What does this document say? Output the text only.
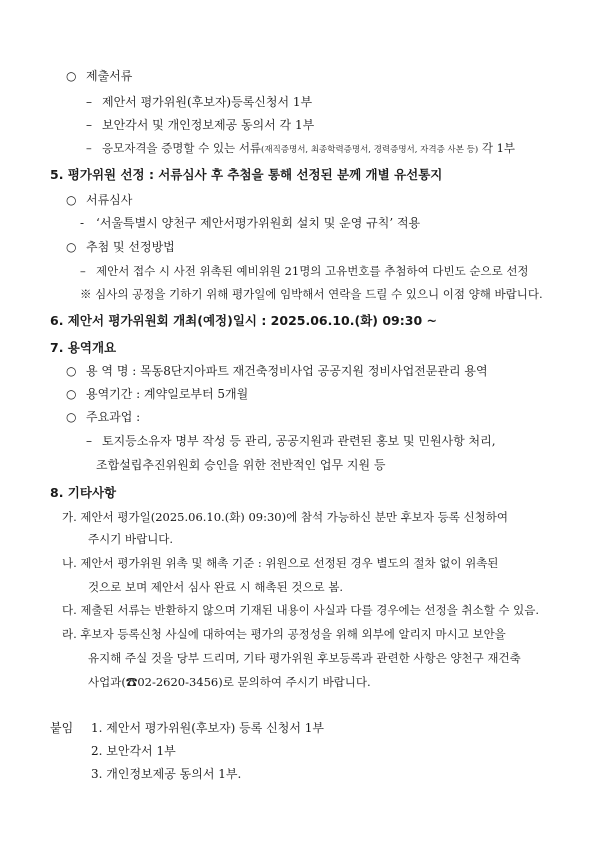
○ 제출서류
– 제안서 평가위원(후보자)등록신청서 1부
– 보안각서 및 개인정보제공 동의서 각 1부
– 응모자격을 증명할 수 있는 서류(재직증명서, 최종학력증명서, 경력증명서, 자격증 사본 등) 각 1부
5. 평가위원 선정 : 서류심사 후 추첨을 통해 선정된 분께 개별 유선통지
○ 서류심사
- ‘서울특별시 양천구 제안서평가위원회 설치 및 운영 규칙’ 적용
○ 추첨 및 선정방법
– 제안서 접수 시 사전 위촉된 예비위원 21명의 고유번호를 추첨하여 다빈도 순으로 선정
※ 심사의 공정을 기하기 위해 평가일에 임박해서 연락을 드릴 수 있으니 이점 양해 바랍니다.
6. 제안서 평가위원회 개최(예정)일시 : 2025.06.10.(화) 09:30 ~
7. 용역개요
○ 용 역 명 : 목동8단지아파트 재건축정비사업 공공지원 정비사업전문관리 용역
○ 용역기간 : 계약일로부터 5개월
○ 주요과업 :
– 토지등소유자 명부 작성 등 관리, 공공지원과 관련된 홍보 및 민원사항 처리,
조합설립추진위원회 승인을 위한 전반적인 업무 지원 등
8. 기타사항
가. 제안서 평가일(2025.06.10.(화) 09:30)에 참석 가능하신 분만 후보자 등록 신청하여
주시기 바랍니다.
나. 제안서 평가위원 위촉 및 해촉 기준 : 위원으로 선정된 경우 별도의 절차 없이 위촉된
것으로 보며 제안서 심사 완료 시 해촉된 것으로 봄.
다. 제출된 서류는 반환하지 않으며 기재된 내용이 사실과 다를 경우에는 선정을 취소할 수 있음.
라. 후보자 등록신청 사실에 대하여는 평가의 공정성을 위해 외부에 알리지 마시고 보안을
유지해 주실 것을 당부 드리며, 기타 평가위원 후보등록과 관련한 사항은 양천구 재건축
사업과(☎02-2620-3456)로 문의하여 주시기 바랍니다.
붙임 1. 제안서 평가위원(후보자) 등록 신청서 1부
2. 보안각서 1부
3. 개인정보제공 동의서 1부.
